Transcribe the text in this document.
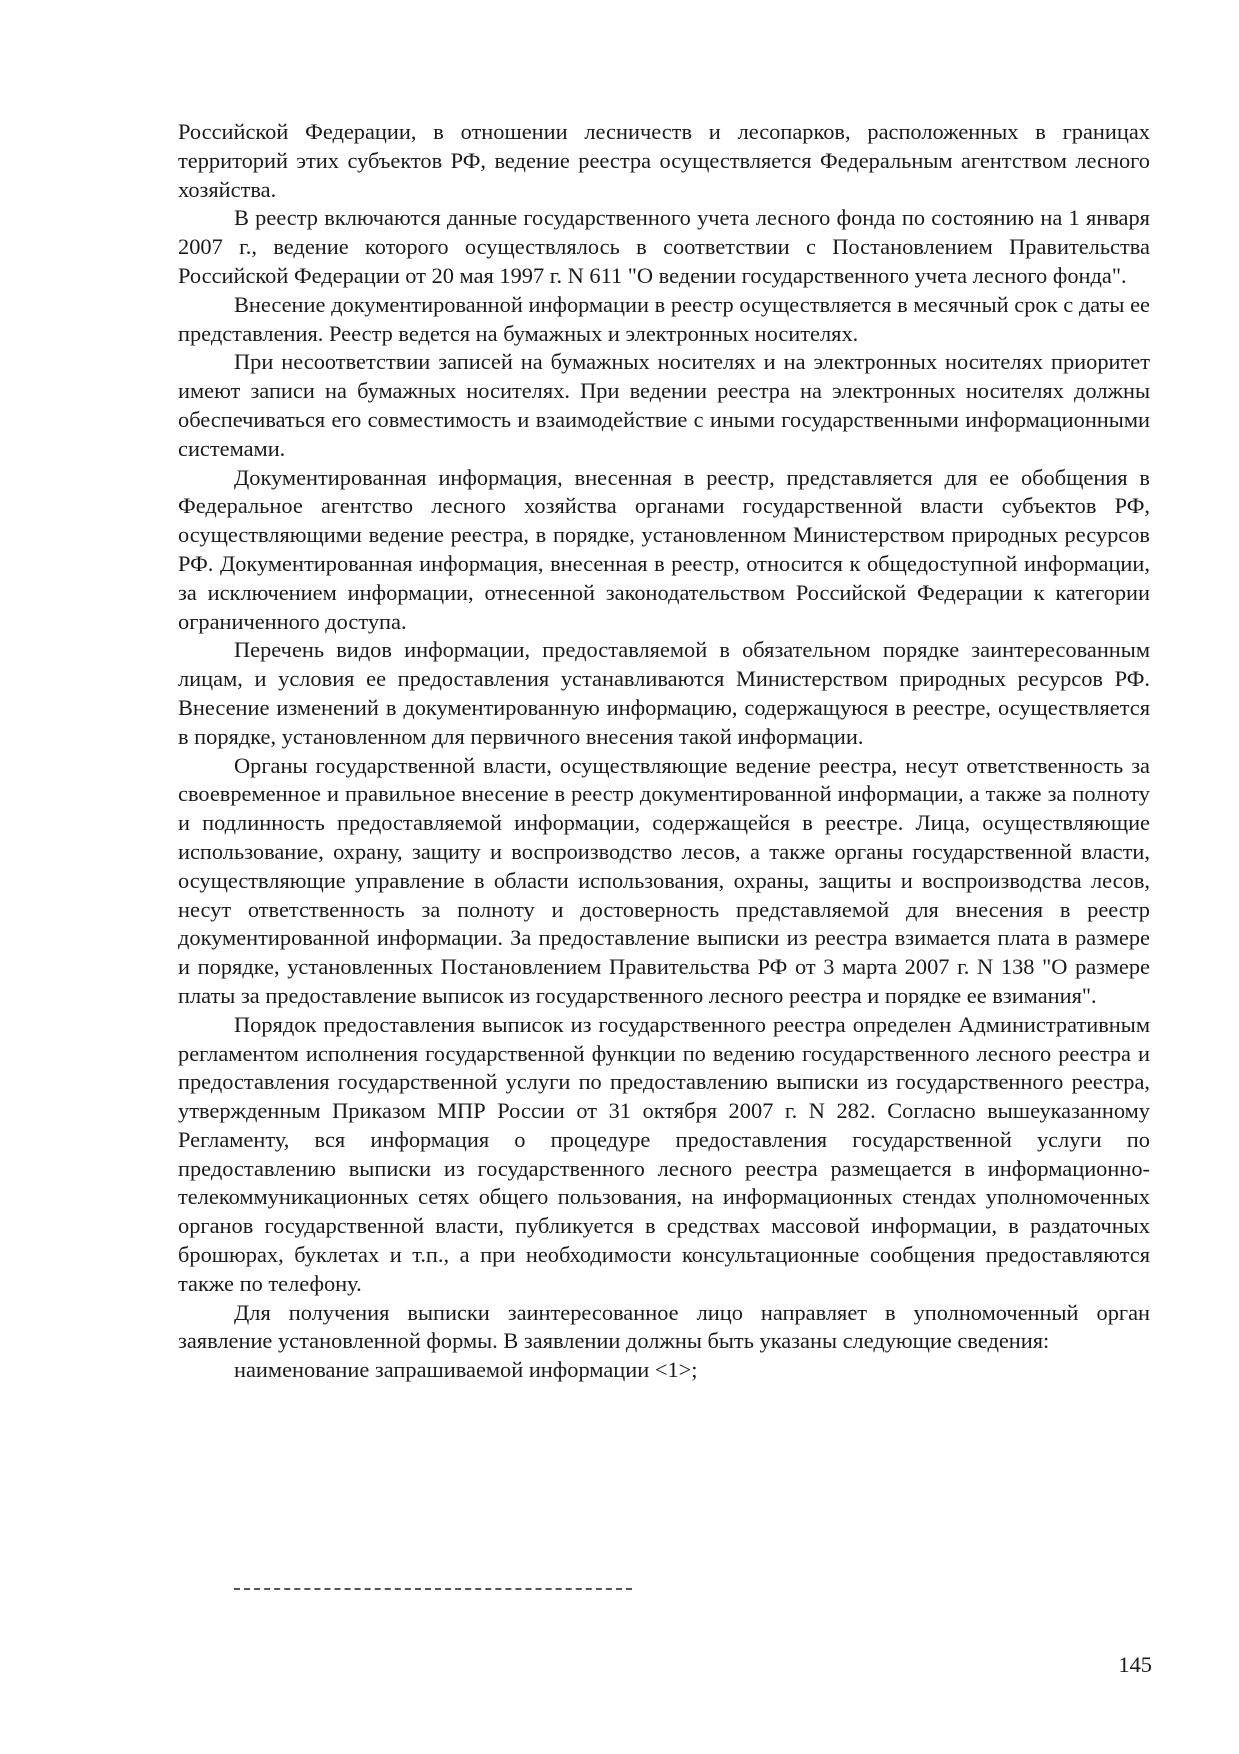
Российской Федерации, в отношении лесничеств и лесопарков, расположенных в границах территорий этих субъектов РФ, ведение реестра осуществляется Федеральным агентством лесного хозяйства.

В реестр включаются данные государственного учета лесного фонда по состоянию на 1 января 2007 г., ведение которого осуществлялось в соответствии с Постановлением Правительства Российской Федерации от 20 мая 1997 г. N 611 "О ведении государственного учета лесного фонда".

Внесение документированной информации в реестр осуществляется в месячный срок с даты ее представления. Реестр ведется на бумажных и электронных носителях.

При несоответствии записей на бумажных носителях и на электронных носителях приоритет имеют записи на бумажных носителях. При ведении реестра на электронных носителях должны обеспечиваться его совместимость и взаимодействие с иными государственными информационными системами.

Документированная информация, внесенная в реестр, представляется для ее обобщения в Федеральное агентство лесного хозяйства органами государственной власти субъектов РФ, осуществляющими ведение реестра, в порядке, установленном Министерством природных ресурсов РФ. Документированная информация, внесенная в реестр, относится к общедоступной информации, за исключением информации, отнесенной законодательством Российской Федерации к категории ограниченного доступа.

Перечень видов информации, предоставляемой в обязательном порядке заинтересованным лицам, и условия ее предоставления устанавливаются Министерством природных ресурсов РФ. Внесение изменений в документированную информацию, содержащуюся в реестре, осуществляется в порядке, установленном для первичного внесения такой информации.

Органы государственной власти, осуществляющие ведение реестра, несут ответственность за своевременное и правильное внесение в реестр документированной информации, а также за полноту и подлинность предоставляемой информации, содержащейся в реестре. Лица, осуществляющие использование, охрану, защиту и воспроизводство лесов, а также органы государственной власти, осуществляющие управление в области использования, охраны, защиты и воспроизводства лесов, несут ответственность за полноту и достоверность представляемой для внесения в реестр документированной информации. За предоставление выписки из реестра взимается плата в размере и порядке, установленных Постановлением Правительства РФ от 3 марта 2007 г. N 138 "О размере платы за предоставление выписок из государственного лесного реестра и порядке ее взимания".

Порядок предоставления выписок из государственного реестра определен Административным регламентом исполнения государственной функции по ведению государственного лесного реестра и предоставления государственной услуги по предоставлению выписки из государственного реестра, утвержденным Приказом МПР России от 31 октября 2007 г. N 282. Согласно вышеуказанному Регламенту, вся информация о процедуре предоставления государственной услуги по предоставлению выписки из государственного лесного реестра размещается в информационно-телекоммуникационных сетях общего пользования, на информационных стендах уполномоченных органов государственной власти, публикуется в средствах массовой информации, в раздаточных брошюрах, буклетах и т.п., а при необходимости консультационные сообщения предоставляются также по телефону.

Для получения выписки заинтересованное лицо направляет в уполномоченный орган заявление установленной формы. В заявлении должны быть указаны следующие сведения:

наименование запрашиваемой информации <1>;

145
